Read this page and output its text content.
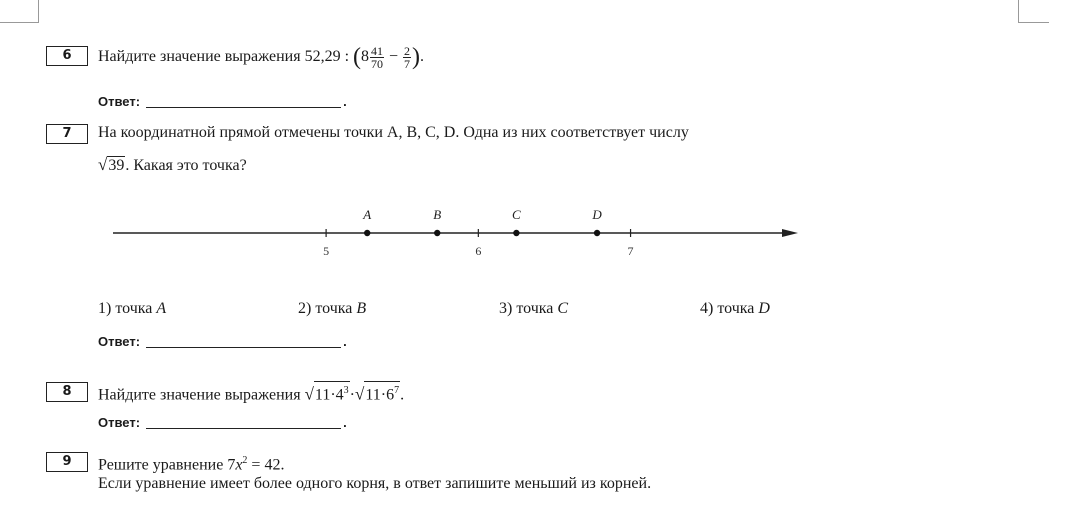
6	Найдите значение выражения 52,29 : ($8 \frac{41}{70} - \frac{2}{7}$ ).
Ответ:	.
7	На координатной прямой отмечены точки A, B, C, D. Одна из них соответствует числу
√39. Какая это точка?
5	6	7
A	B	C	D
1) точка A	2) точка B	3) точка C	4) точка D
Ответ:	.
8	Найдите значение выражения $√11\cdot 4^3\cdot√11\cdot 6^7$.
Ответ:	.
9	Решите уравнение $7x^2 = 42$.
Если уравнение имеет более одного корня, в ответ запишите меньший из корней.
